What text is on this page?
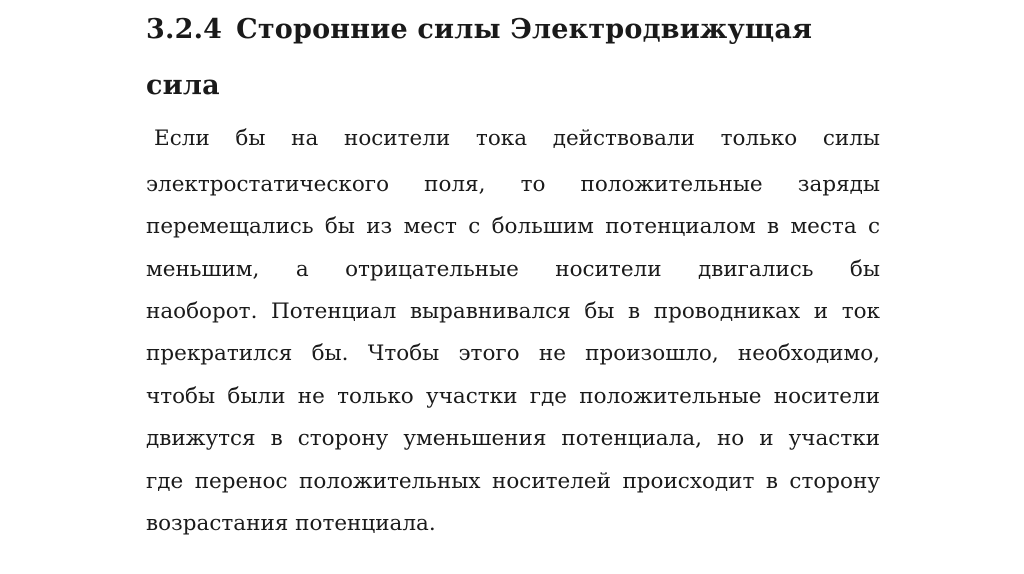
3.2.4 Сторонние силы Электродвижущая
сила
Если бы на носители тока действовали только силы
электростатического поля, то положительные заряды
перемещались бы из мест с большим потенциалом в места с
меньшим, а отрицательные носители двигались бы
наоборот. Потенциал выравнивался бы в проводниках и ток
прекратился бы. Чтобы этого не произошло, необходимо,
чтобы были не только участки где положительные носители
движутся в сторону уменьшения потенциала, но и участки
где перенос положительных носителей происходит в сторону
возрастания потенциала.
